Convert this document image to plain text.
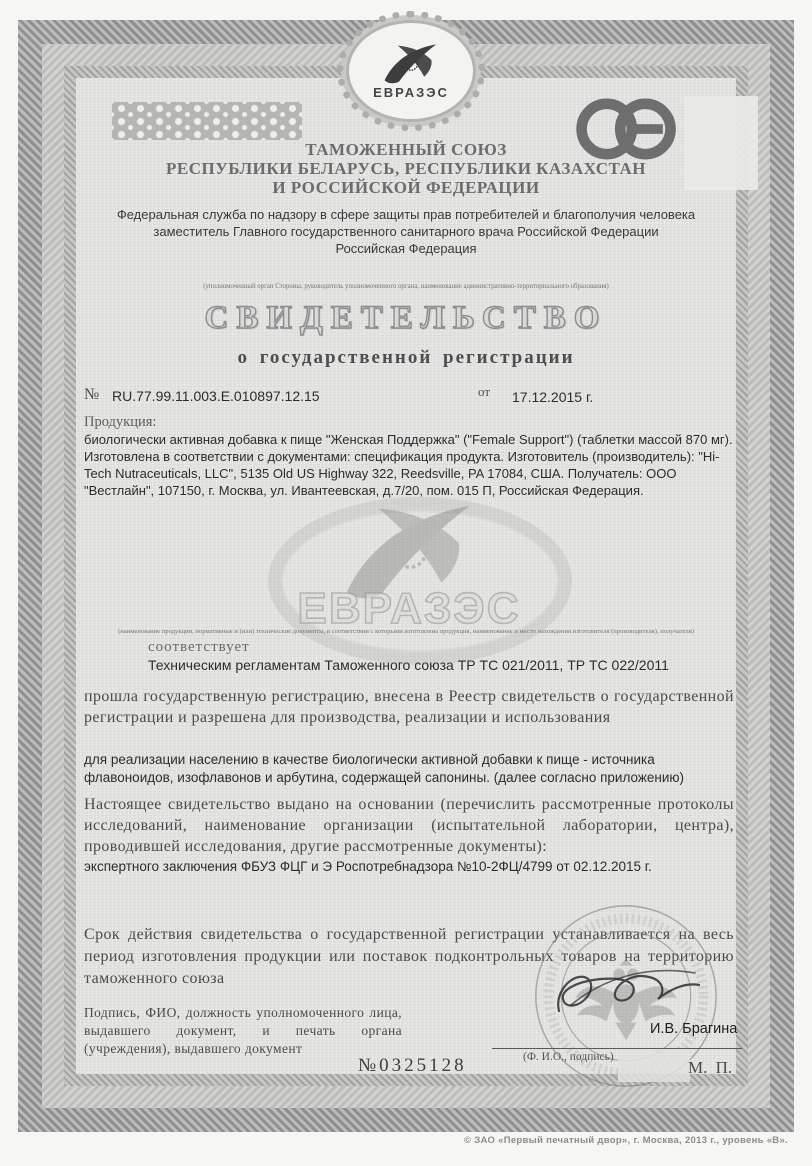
ЕВРАЗЭС
ТАМОЖЕННЫЙ СОЮЗ
РЕСПУБЛИКИ БЕЛАРУСЬ, РЕСПУБЛИКИ КАЗАХСТАН
И РОССИЙСКОЙ ФЕДЕРАЦИИ
Федеральная служба по надзору в сфере защиты прав потребителей и благополучия человека
заместитель Главного государственного санитарного врача Российской Федерации
Российская Федерация
(уполномоченный орган Стороны, руководитель уполномоченного органа, наименование административно-территориального образования)
СВИДЕТЕЛЬСТВО
о государственной регистрации
№ RU.77.99.11.003.Е.010897.12.15	от 17.12.2015 г.
Продукция:
биологически активная добавка к пище "Женская Поддержка" ("Female Support") (таблетки массой 870 мг). Изготовлена в соответствии с документами: спецификация продукта. Изготовитель (производитель): "Hi-Tech Nutraceuticals, LLC", 5135 Old US Highway 322, Reedsville, PA 17084, США. Получатель: ООО "Вестлайн", 107150, г. Москва, ул. Ивантеевская, д.7/20, пом. 015 П, Российская Федерация.
ЕВРАЗЭС
(наименование продукции, нормативные и (или) технические документы, в соответствии с которыми изготовлена продукция, наименование и место нахождения изготовителя (производителя), получателя)
соответствует
Техническим регламентам Таможенного союза ТР ТС 021/2011, ТР ТС 022/2011
прошла государственную регистрацию, внесена в Реестр свидетельств о государственной регистрации и разрешена для производства, реализации и использования
для реализации населению в качестве биологически активной добавки к пище - источника флавоноидов, изофлавонов и арбутина, содержащей сапонины. (далее согласно приложению)
Настоящее свидетельство выдано на основании (перечислить рассмотренные протоколы исследований, наименование организации (испытательной лаборатории, центра), проводившей исследования, другие рассмотренные документы):
экспертного заключения ФБУЗ ФЦГ и Э Роспотребнадзора №10-2ФЦ/4799 от 02.12.2015 г.
Срок действия свидетельства о государственной регистрации устанавливается на весь период изготовления продукции или поставок подконтрольных товаров на территорию таможенного союза
Подпись, ФИО, должность уполномоченного лица, выдавшего документ, и печать органа (учреждения), выдавшего документ
И.В. Брагина
(Ф. И.О., подпись)
№0325128	М. П.
© ЗАО «Первый печатный двор», г. Москва, 2013 г., уровень «В».
